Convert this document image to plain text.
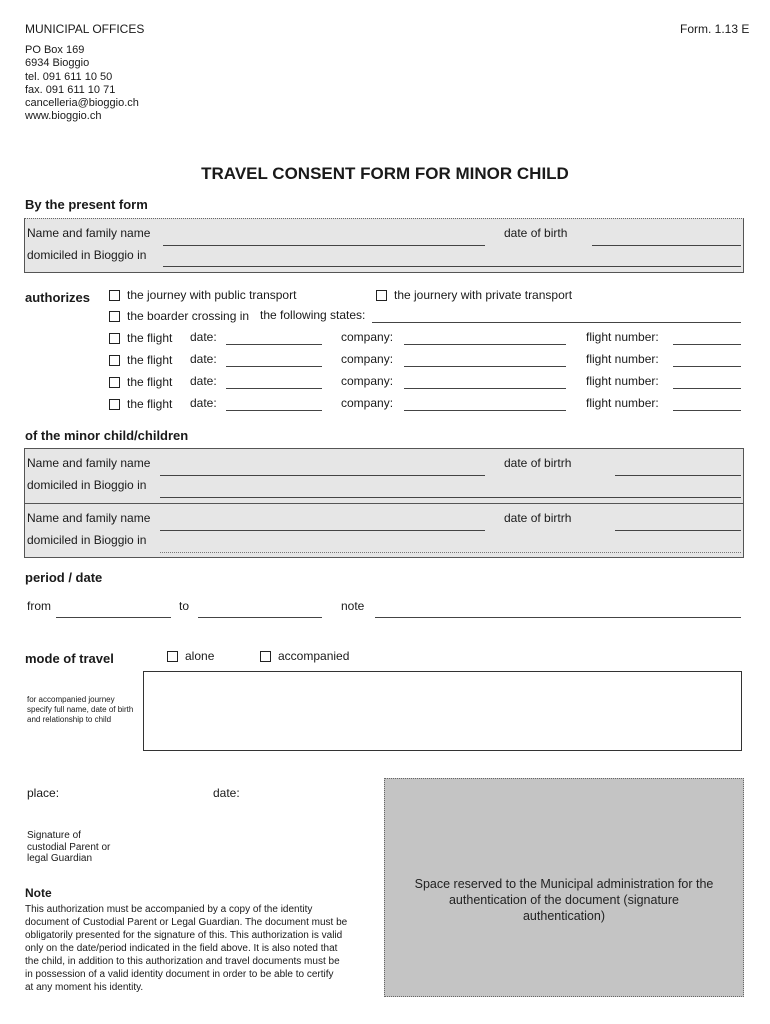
MUNICIPAL OFFICES	Form. 1.13 E
PO Box 169
6934 Bioggio
tel. 091 611 10 50
fax. 091 611 10 71
cancelleria@bioggio.ch
www.bioggio.ch
TRAVEL CONSENT FORM FOR MINOR CHILD
By the present form
Name and family name	date of birth
domiciled in Bioggio in
authorizes	the journey with public transport	the journery with private transport
the boarder crossing in the following states:
the flight date:	company:	flight number:
the flight date:	company:	flight number:
the flight date:	company:	flight number:
the flight date:	company:	flight number:
of the minor child/children
Name and family name	date of birtrh
domiciled in Bioggio in
Name and family name	date of birtrh
domiciled in Bioggio in
period / date
from	to	note
mode of travel	alone	accompanied
for accompanied journey
specify full name, date of birth
and relationship to child
place:	date:
Signature of
custodial Parent or
legal Guardian
Space reserved to the Municipal administration for the
authentication of the document (signature
authentication)
Note
This authorization must be accompanied by a copy of the identity
document of Custodial Parent or Legal Guardian. The document must be
obligatorily presented for the signature of this. This authorization is valid
only on the date/period indicated in the field above. It is also noted that
the child, in addition to this authorization and travel documents must be
in possession of a valid identity document in order to be able to certify
at any moment his identity.
